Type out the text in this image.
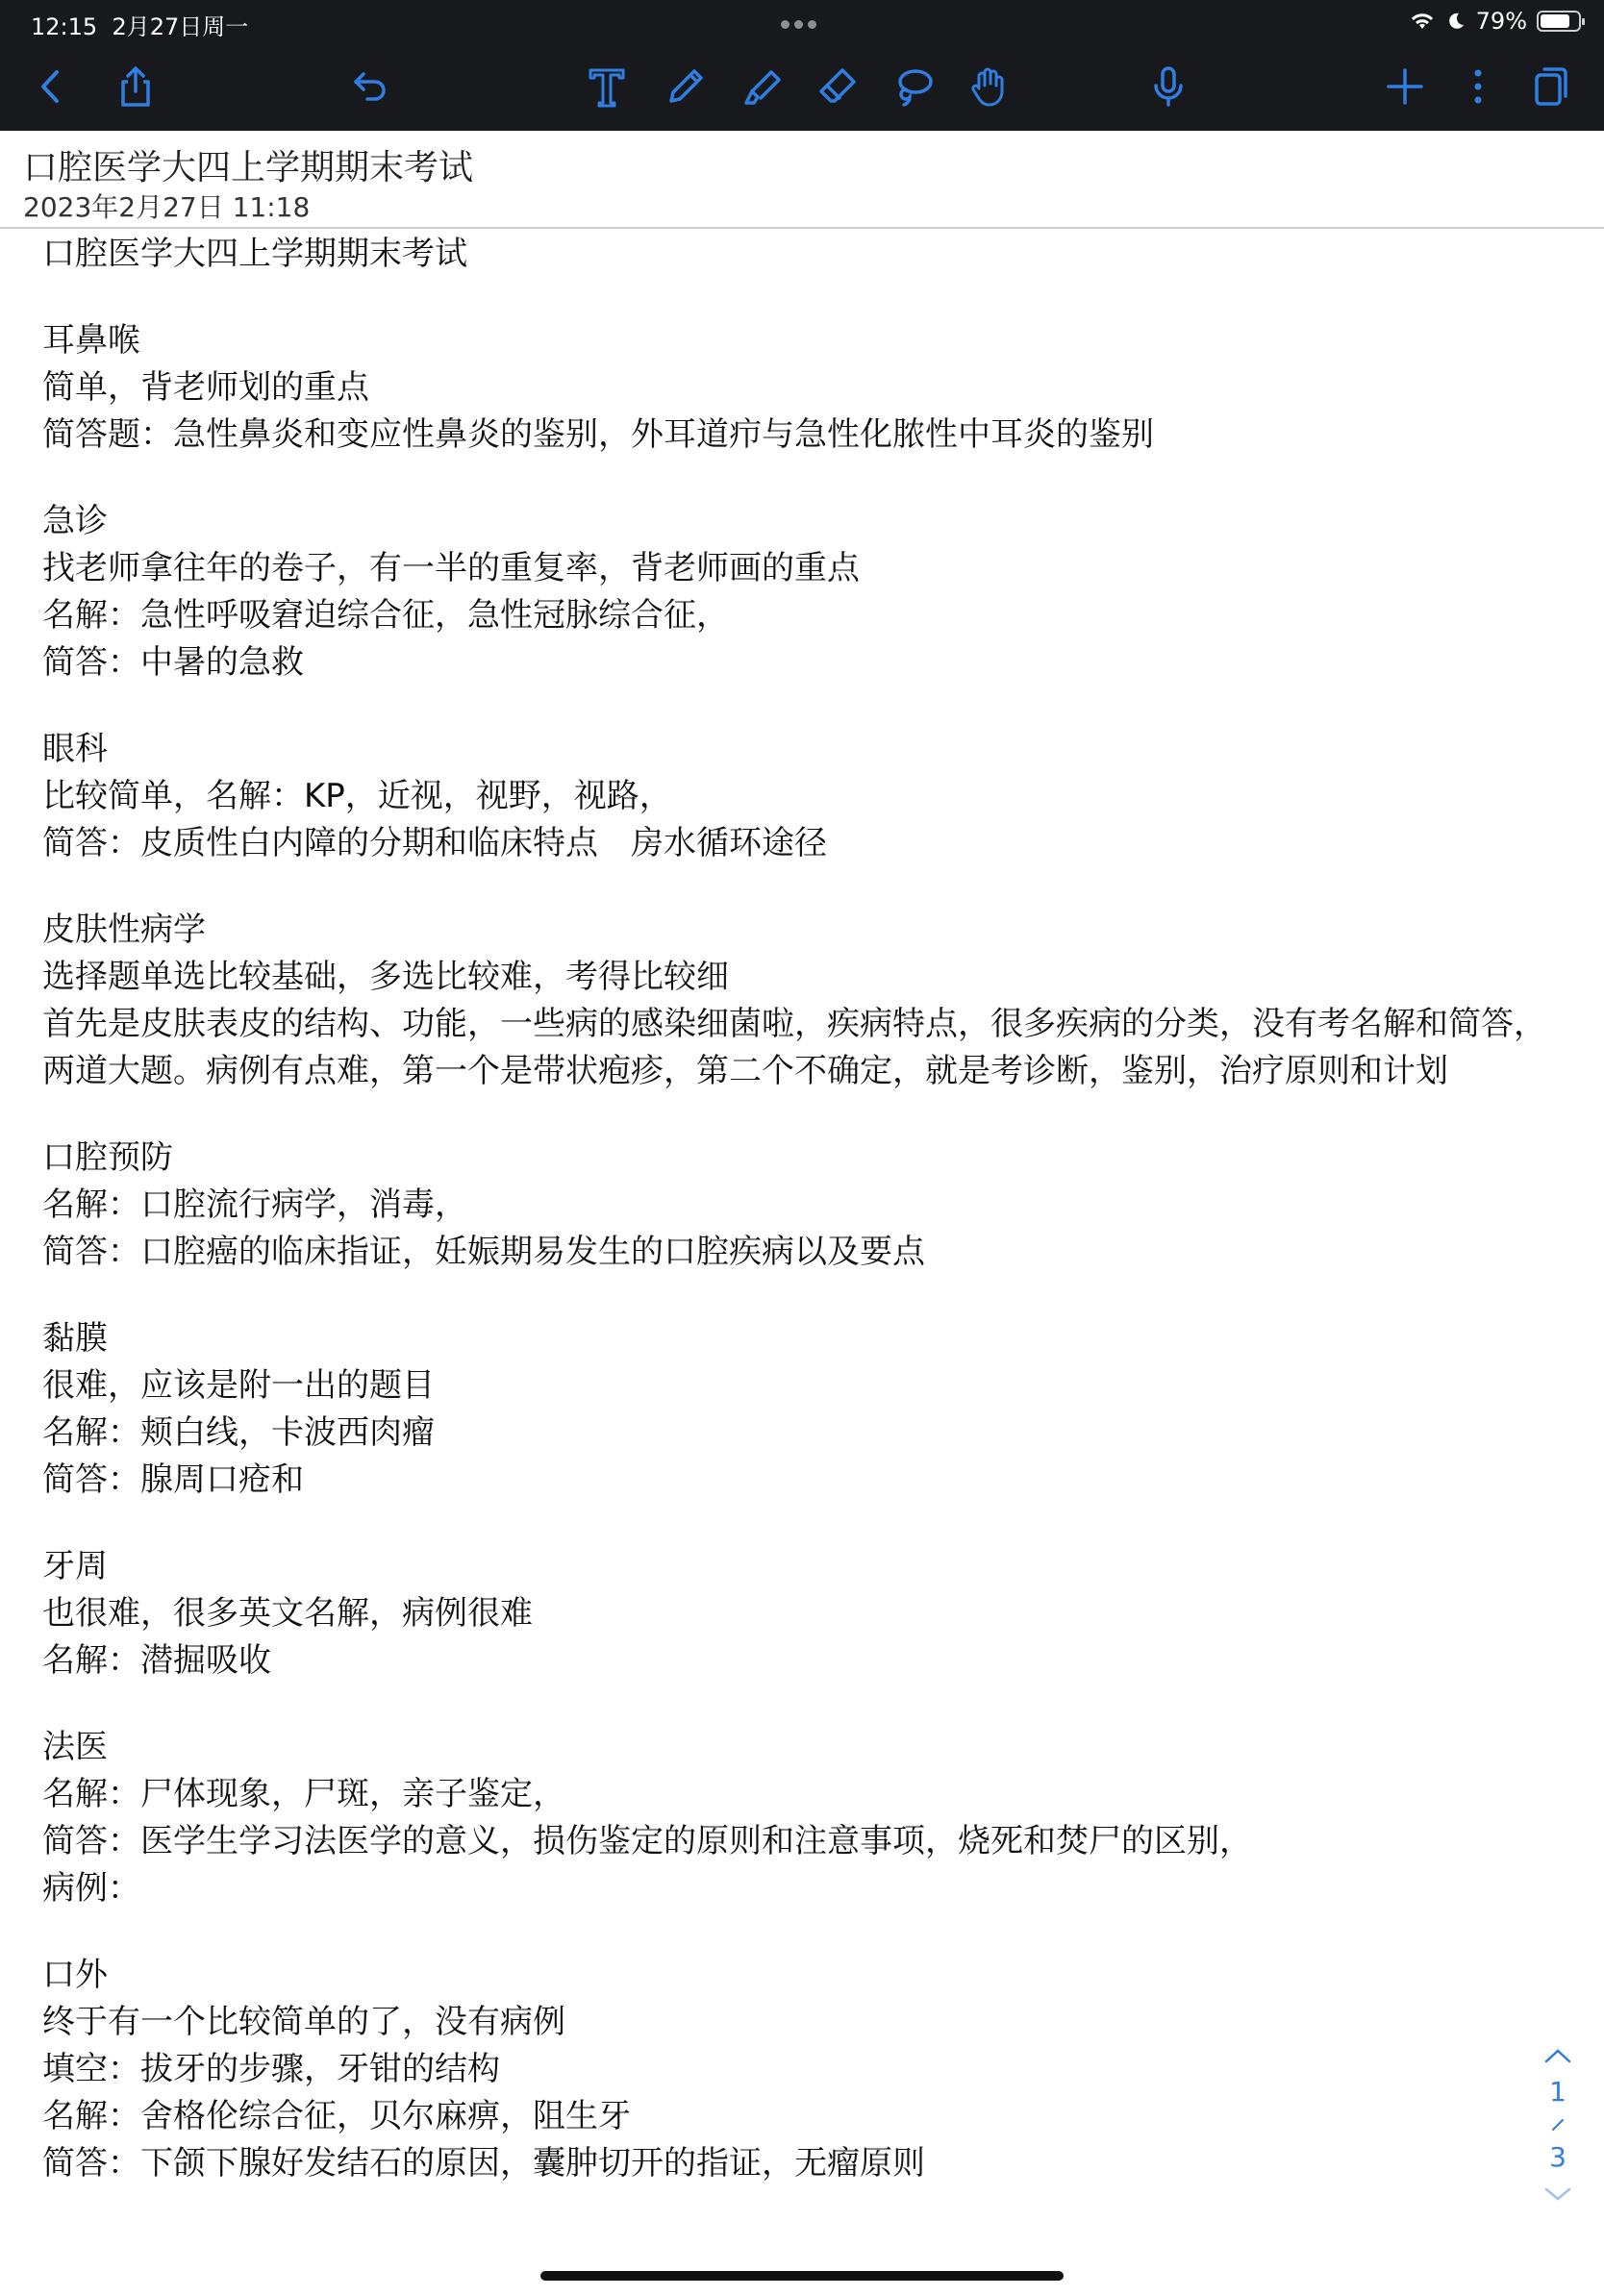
12:15 2月27日周一	79%
口腔医学大四上学期期末考试
2023年2月27日 11:18
口腔医学大四上学期期末考试
耳鼻喉
简单，背老师划的重点
简答题：急性鼻炎和变应性鼻炎的鉴别，外耳道疖与急性化脓性中耳炎的鉴别
急诊
找老师拿往年的卷子，有一半的重复率，背老师画的重点
名解：急性呼吸窘迫综合征，急性冠脉综合征，
简答：中暑的急救
眼科
比较简单，名解：KP，近视，视野，视路，
简答：皮质性白内障的分期和临床特点　房水循环途径
皮肤性病学
选择题单选比较基础，多选比较难，考得比较细
首先是皮肤表皮的结构、功能，一些病的感染细菌啦，疾病特点，很多疾病的分类，没有考名解和简答，
两道大题。病例有点难，第一个是带状疱疹，第二个不确定，就是考诊断，鉴别，治疗原则和计划
口腔预防
名解：口腔流行病学，消毒，
简答：口腔癌的临床指证，妊娠期易发生的口腔疾病以及要点
黏膜
很难，应该是附一出的题目
名解：颊白线，卡波西肉瘤
简答：腺周口疮和
牙周
也很难，很多英文名解，病例很难
名解：潜掘吸收
法医
名解：尸体现象，尸斑，亲子鉴定，
简答：医学生学习法医学的意义，损伤鉴定的原则和注意事项，烧死和焚尸的区别，
病例：
口外
终于有一个比较简单的了，没有病例
填空：拔牙的步骤，牙钳的结构
名解：舍格伦综合征，贝尔麻痹，阻生牙
简答：下颌下腺好发结石的原因，囊肿切开的指证，无瘤原则
1
3
